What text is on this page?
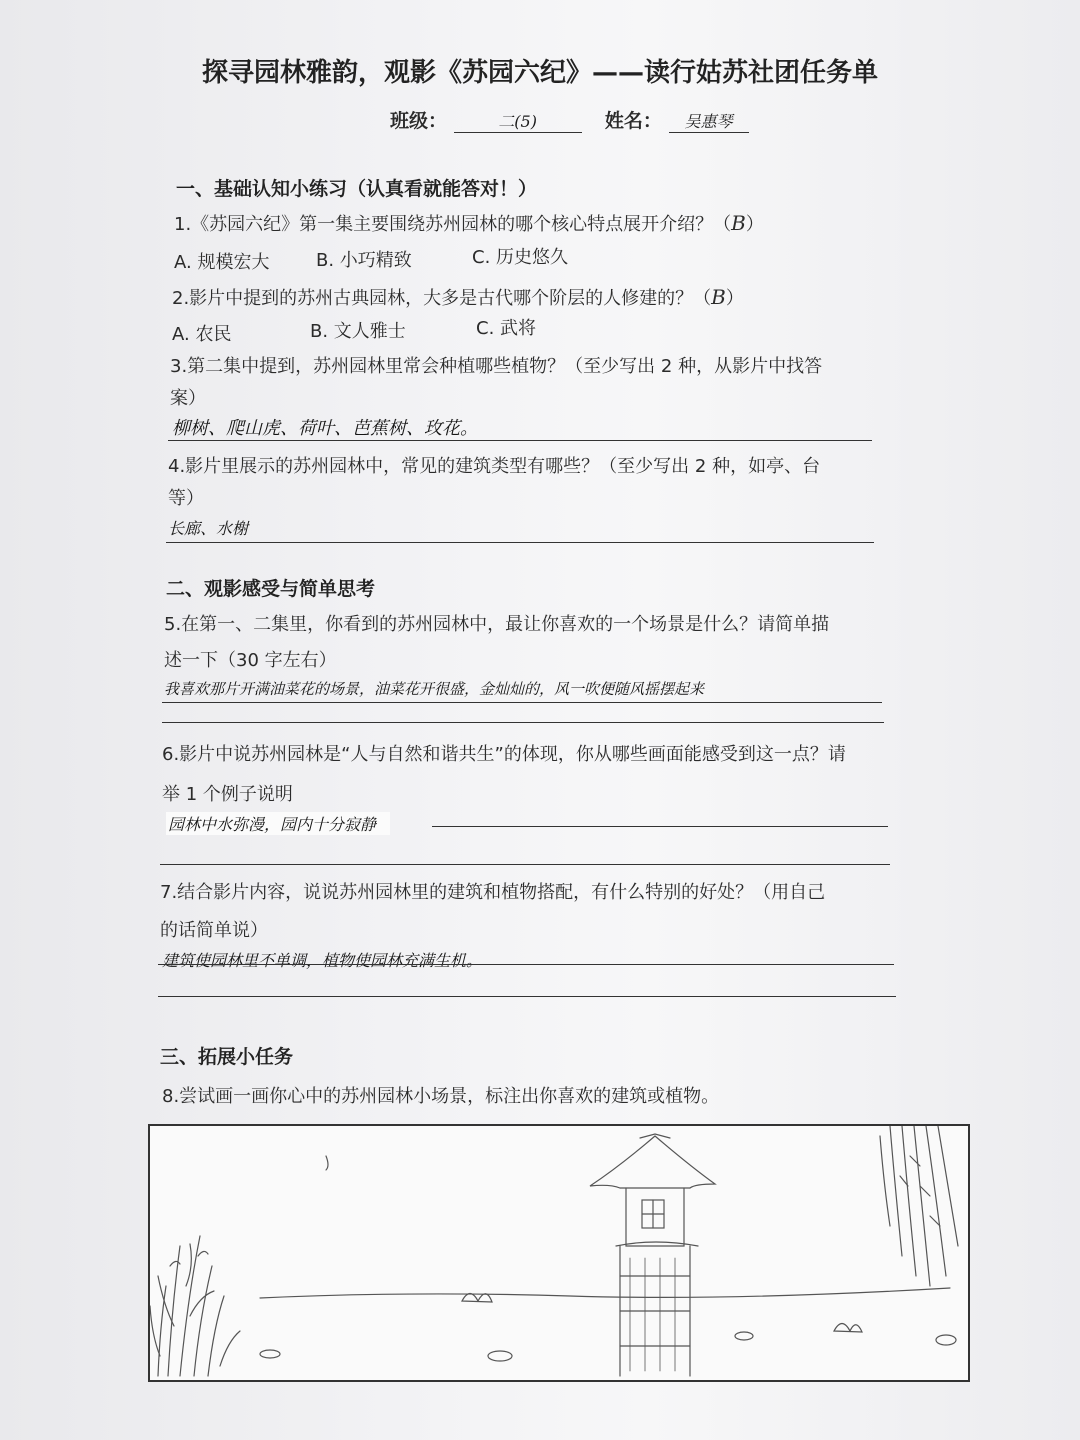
探寻园林雅韵，观影《苏园六纪》——读行姑苏社团任务单
班级：	二(5)	姓名： 吴惠琴
一、基础认知小练习（认真看就能答对！）
1.《苏园六纪》第一集主要围绕苏州园林的哪个核心特点展开介绍？（B）
A. 规模宏大	B. 小巧精致	C. 历史悠久
2.影片中提到的苏州古典园林，大多是古代哪个阶层的人修建的？（B）
A. 农民	B. 文人雅士	C. 武将
3.第二集中提到，苏州园林里常会种植哪些植物？（至少写出 2 种，从影片中找答
案）
柳树、爬山虎、荷叶、芭蕉树、玫花。
4.影片里展示的苏州园林中，常见的建筑类型有哪些？（至少写出 2 种，如亭、台
等）
长廊、水榭
二、观影感受与简单思考
5.在第一、二集里，你看到的苏州园林中，最让你喜欢的一个场景是什么？请简单描
述一下（30 字左右）
我喜欢那片开满油菜花的场景，油菜花开很盛，金灿灿的，风一吹便随风摇摆起来
6.影片中说苏州园林是“人与自然和谐共生”的体现，你从哪些画面能感受到这一点？请
举 1 个例子说明
园林中水弥漫，园内十分寂静
7.结合影片内容，说说苏州园林里的建筑和植物搭配，有什么特别的好处？（用自己
的话简单说）
建筑使园林里不单调，植物使园林充满生机。
三、拓展小任务
8.尝试画一画你心中的苏州园林小场景，标注出你喜欢的建筑或植物。
